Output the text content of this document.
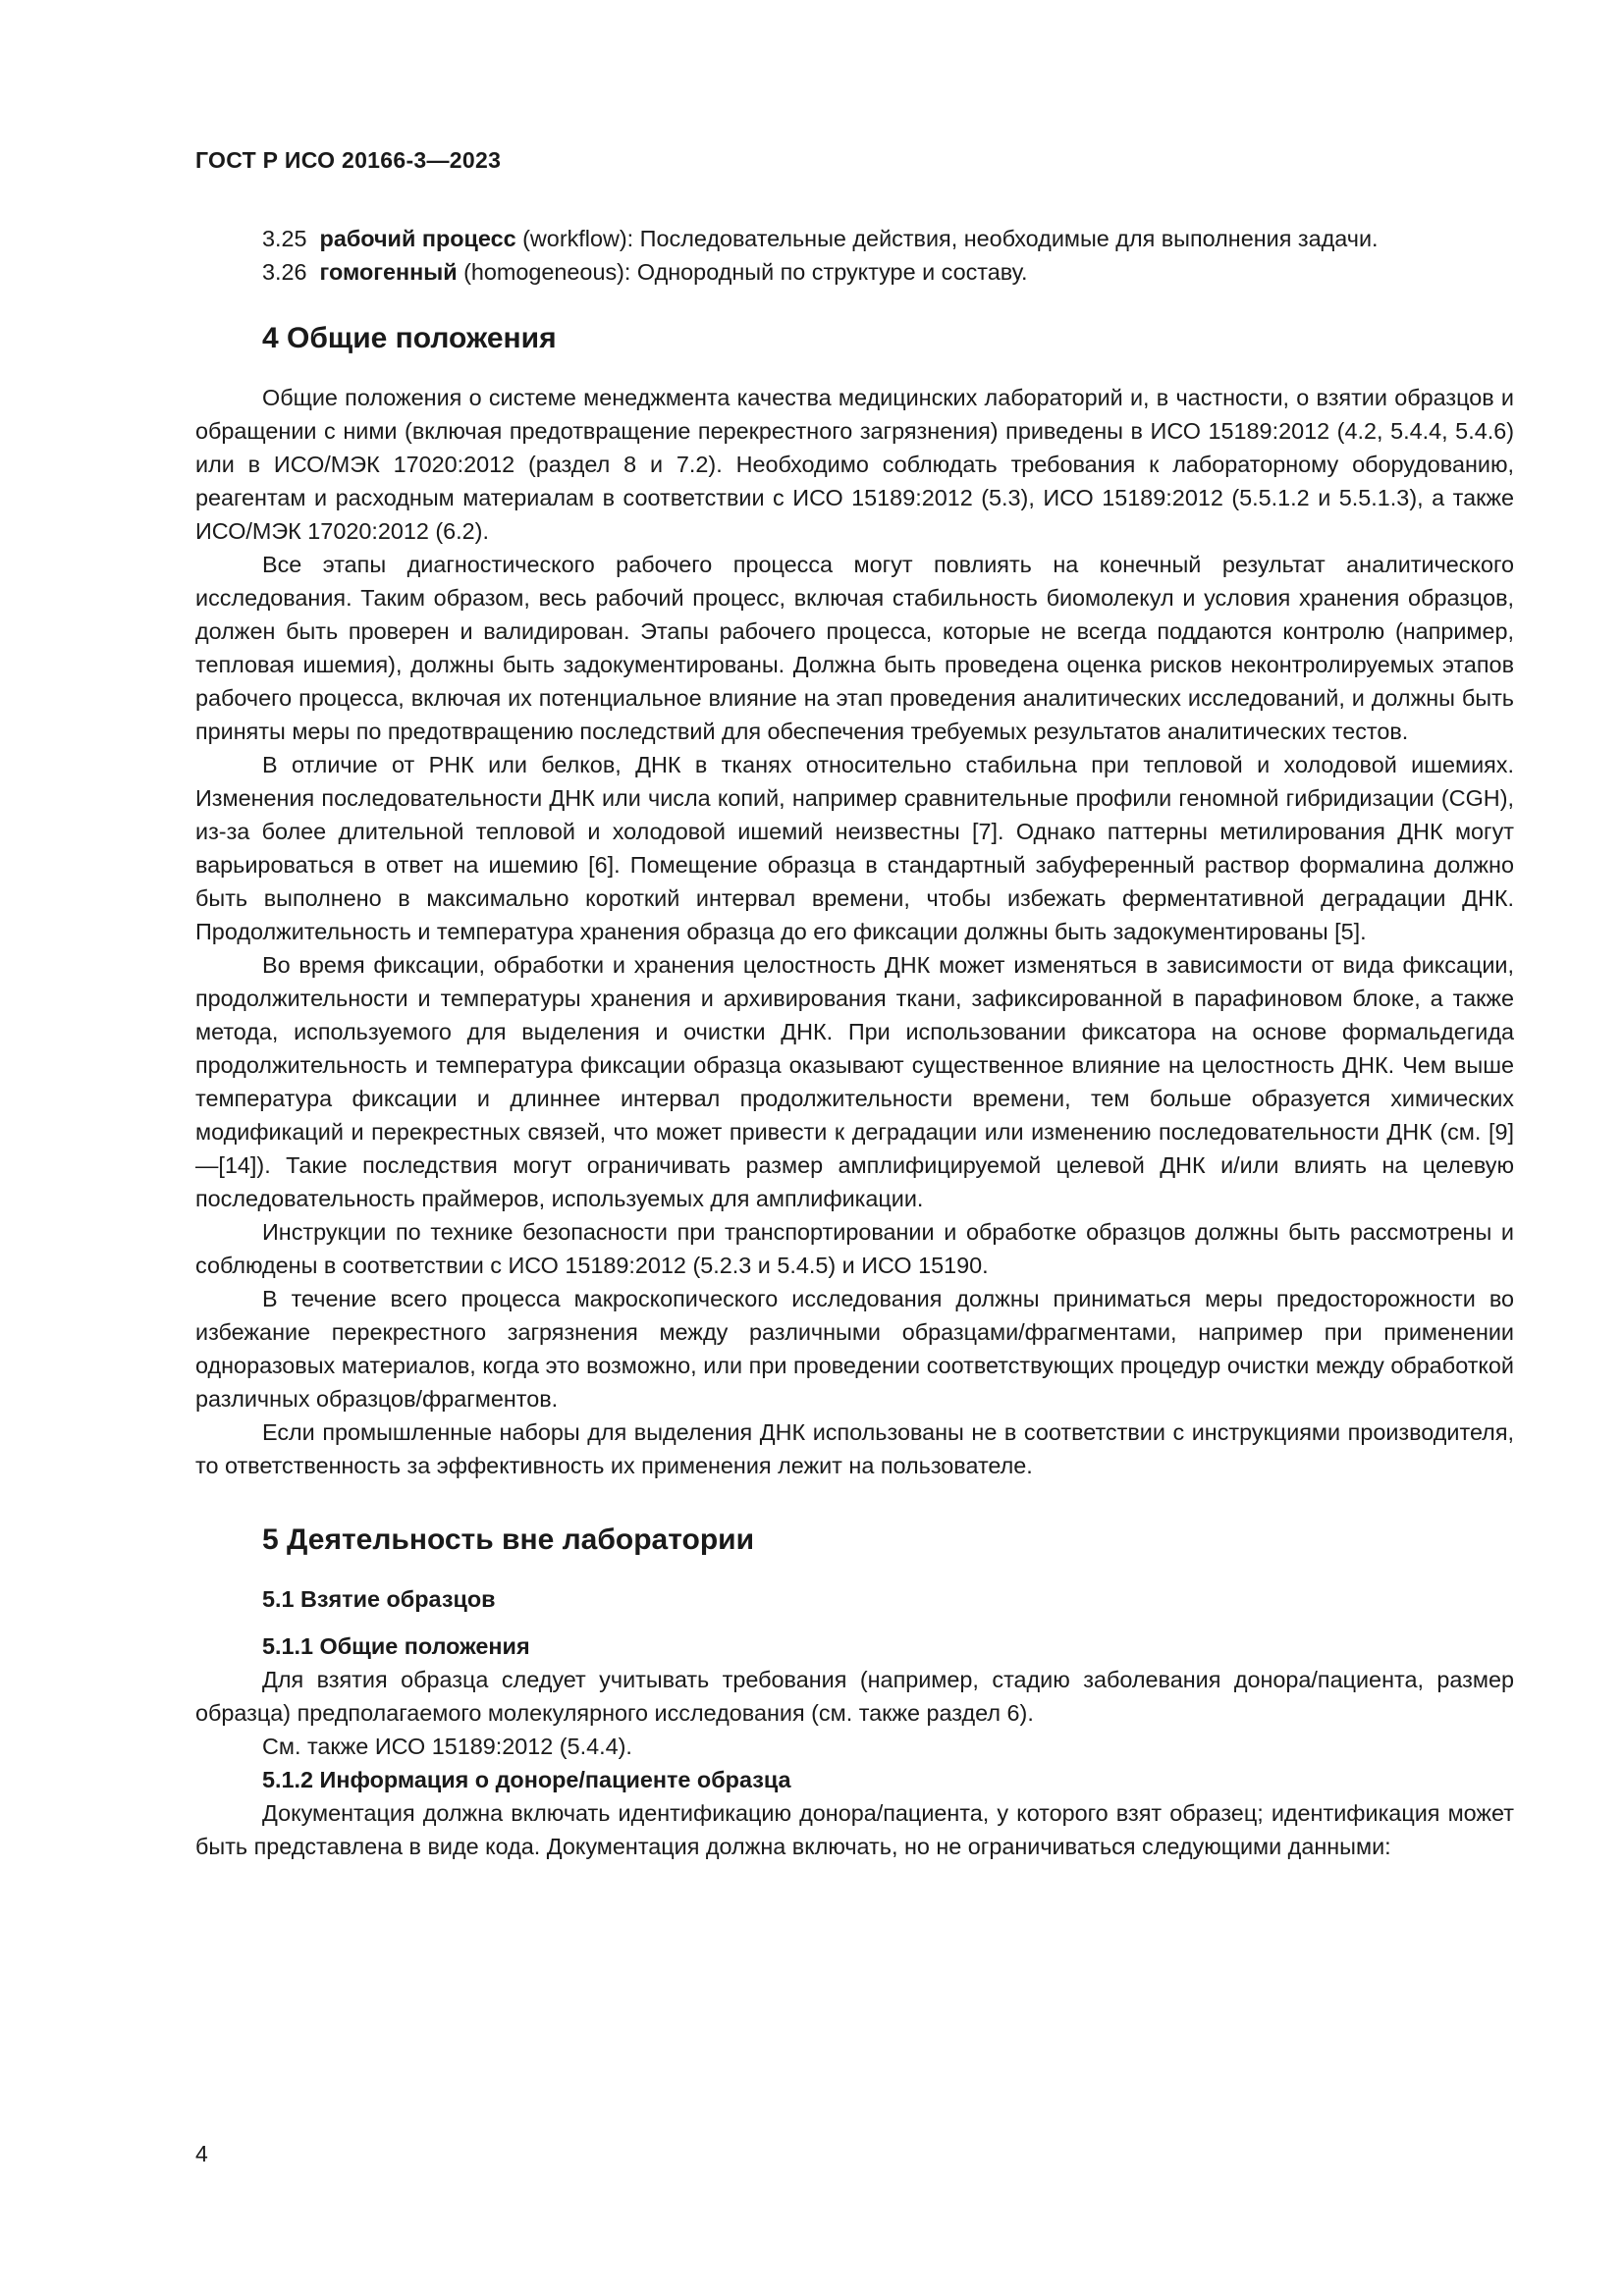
ГОСТ Р ИСО 20166-3—2023

3.25 рабочий процесс (workflow): Последовательные действия, необходимые для выполнения задачи.

3.26 гомогенный (homogeneous): Однородный по структуре и составу.

4 Общие положения

Общие положения о системе менеджмента качества медицинских лабораторий и, в частности, о взятии образцов и обращении с ними (включая предотвращение перекрестного загрязнения) приведены в ИСО 15189:2012 (4.2, 5.4.4, 5.4.6) или в ИСО/МЭК 17020:2012 (раздел 8 и 7.2). Необходимо соблюдать требования к лабораторному оборудованию, реагентам и расходным материалам в соответствии с ИСО 15189:2012 (5.3), ИСО 15189:2012 (5.5.1.2 и 5.5.1.3), а также ИСО/МЭК 17020:2012 (6.2).

Все этапы диагностического рабочего процесса могут повлиять на конечный результат аналитического исследования. Таким образом, весь рабочий процесс, включая стабильность биомолекул и условия хранения образцов, должен быть проверен и валидирован. Этапы рабочего процесса, которые не всегда поддаются контролю (например, тепловая ишемия), должны быть задокументированы. Должна быть проведена оценка рисков неконтролируемых этапов рабочего процесса, включая их потенциальное влияние на этап проведения аналитических исследований, и должны быть приняты меры по предотвращению последствий для обеспечения требуемых результатов аналитических тестов.

В отличие от РНК или белков, ДНК в тканях относительно стабильна при тепловой и холодовой ишемиях. Изменения последовательности ДНК или числа копий, например сравнительные профили геномной гибридизации (CGH), из-за более длительной тепловой и холодовой ишемий неизвестны [7]. Однако паттерны метилирования ДНК могут варьироваться в ответ на ишемию [6]. Помещение образца в стандартный забуференный раствор формалина должно быть выполнено в максимально короткий интервал времени, чтобы избежать ферментативной деградации ДНК. Продолжительность и температура хранения образца до его фиксации должны быть задокументированы [5].

Во время фиксации, обработки и хранения целостность ДНК может изменяться в зависимости от вида фиксации, продолжительности и температуры хранения и архивирования ткани, зафиксированной в парафиновом блоке, а также метода, используемого для выделения и очистки ДНК. При использовании фиксатора на основе формальдегида продолжительность и температура фиксации образца оказывают существенное влияние на целостность ДНК. Чем выше температура фиксации и длиннее интервал продолжительности времени, тем больше образуется химических модификаций и перекрестных связей, что может привести к деградации или изменению последовательности ДНК (см. [9]—[14]). Такие последствия могут ограничивать размер амплифицируемой целевой ДНК и/или влиять на целевую последовательность праймеров, используемых для амплификации.

Инструкции по технике безопасности при транспортировании и обработке образцов должны быть рассмотрены и соблюдены в соответствии с ИСО 15189:2012 (5.2.3 и 5.4.5) и ИСО 15190.

В течение всего процесса макроскопического исследования должны приниматься меры предосторожности во избежание перекрестного загрязнения между различными образцами/фрагментами, например при применении одноразовых материалов, когда это возможно, или при проведении соответствующих процедур очистки между обработкой различных образцов/фрагментов.

Если промышленные наборы для выделения ДНК использованы не в соответствии с инструкциями производителя, то ответственность за эффективность их применения лежит на пользователе.

5 Деятельность вне лаборатории
5.1 Взятие образцов
5.1.1 Общие положения

Для взятия образца следует учитывать требования (например, стадию заболевания донора/пациента, размер образца) предполагаемого молекулярного исследования (см. также раздел 6).

См. также ИСО 15189:2012 (5.4.4).

5.1.2 Информация о доноре/пациенте образца

Документация должна включать идентификацию донора/пациента, у которого взят образец; идентификация может быть представлена в виде кода. Документация должна включать, но не ограничиваться следующими данными:

4
